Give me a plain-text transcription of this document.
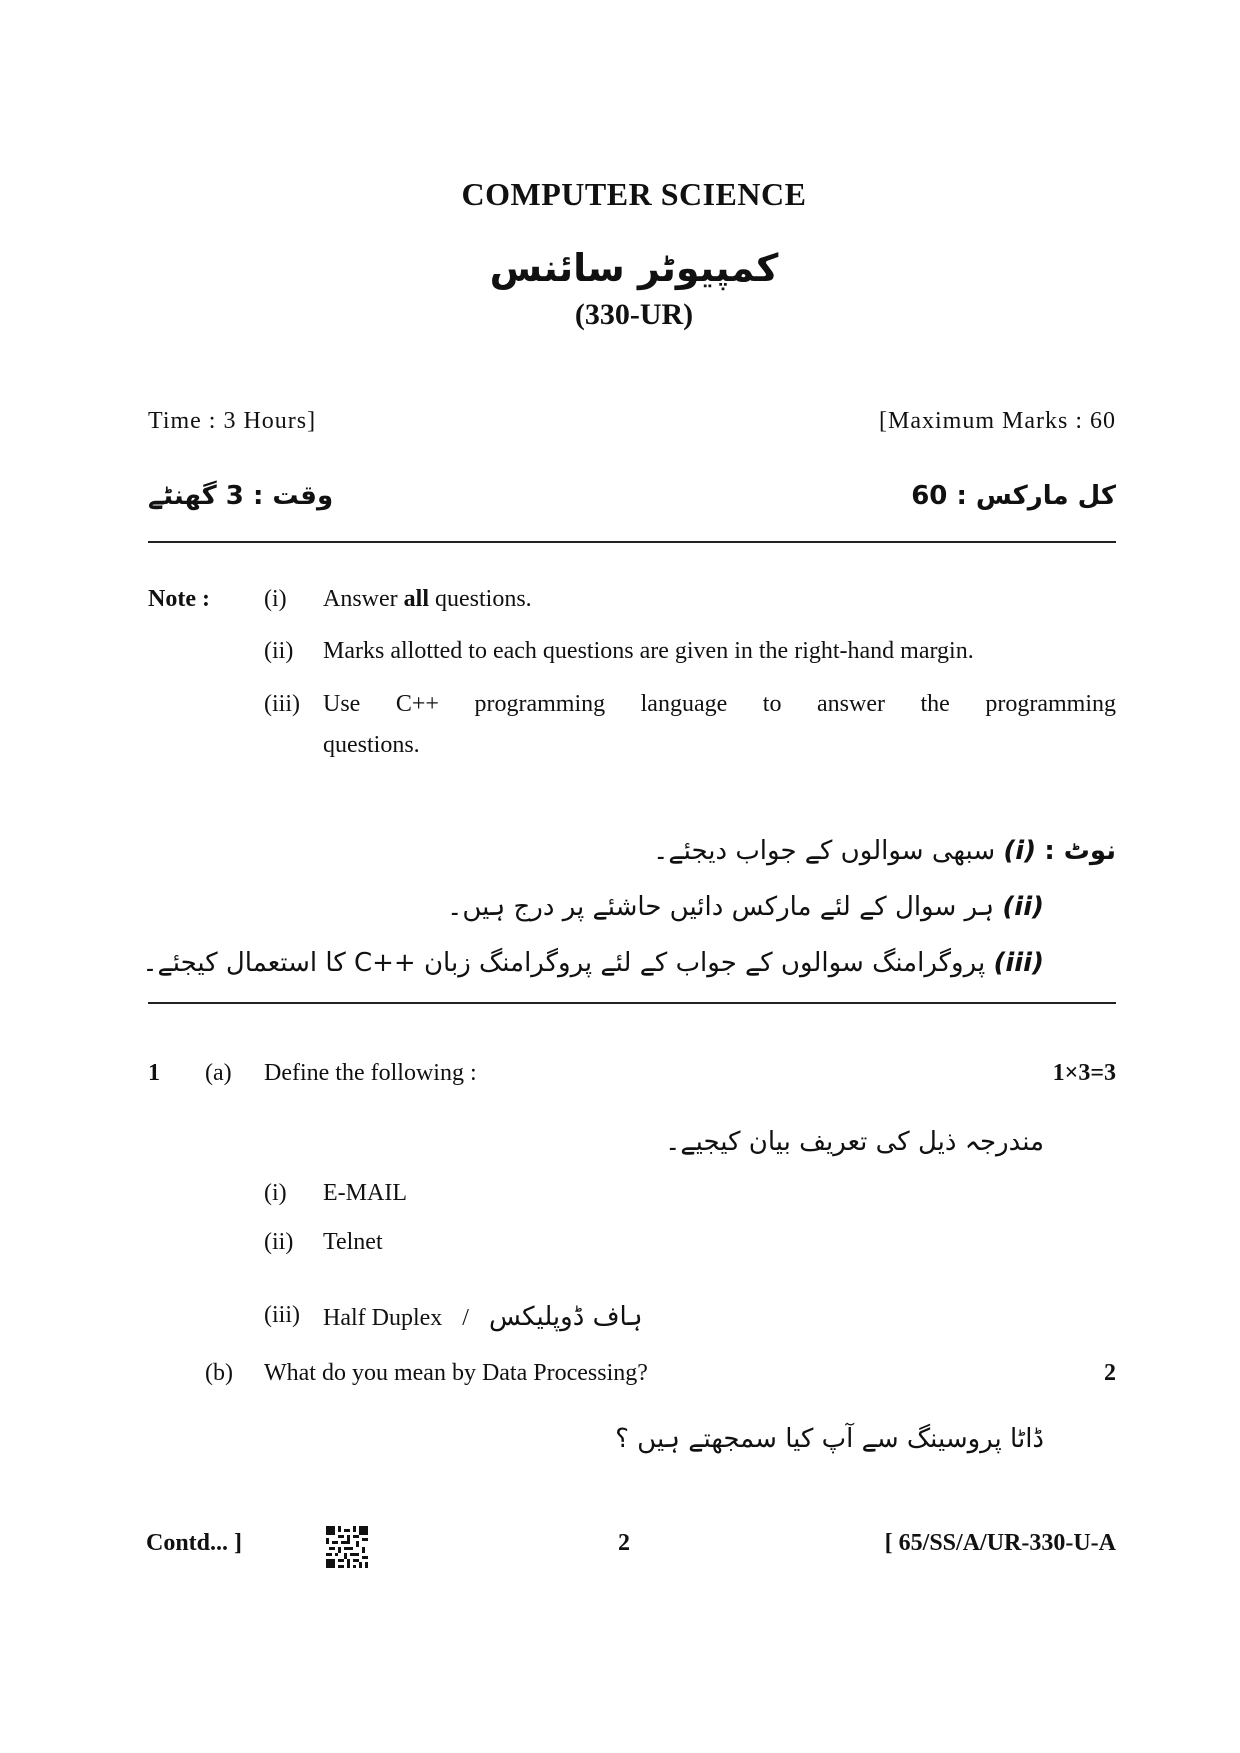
COMPUTER SCIENCE
کمپیوٹر سائنس
(330-UR)
Time : 3 Hours]	[Maximum Marks : 60
وقت : 3 گھنٹے	کل مارکس : 60
Note : (i) Answer all questions.
(ii) Marks allotted to each questions are given in the right-hand margin.
(iii) Use C++ programming language to answer the programming
questions.
نوٹ : (i) سبھی سوالوں کے جواب دیجئے۔
(ii) ہر سوال کے لئے مارکس دائیں حاشئے پر درج ہیں۔
(iii) پروگرامنگ سوالوں کے جواب کے لئے پروگرامنگ زبان ++C کا استعمال کیجئے۔
1 (a) Define the following :	1×3=3
مندرجہ ذیل کی تعریف بیان کیجیے۔
(i) E-MAIL
(ii) Telnet
(iii) Half Duplex / ہاف ڈوپلیکس
(b) What do you mean by Data Processing?	2
ڈاٹا پروسینگ سے آپ کیا سمجھتے ہیں ؟
Contd... ]	2	[ 65/SS/A/UR-330-U-A
